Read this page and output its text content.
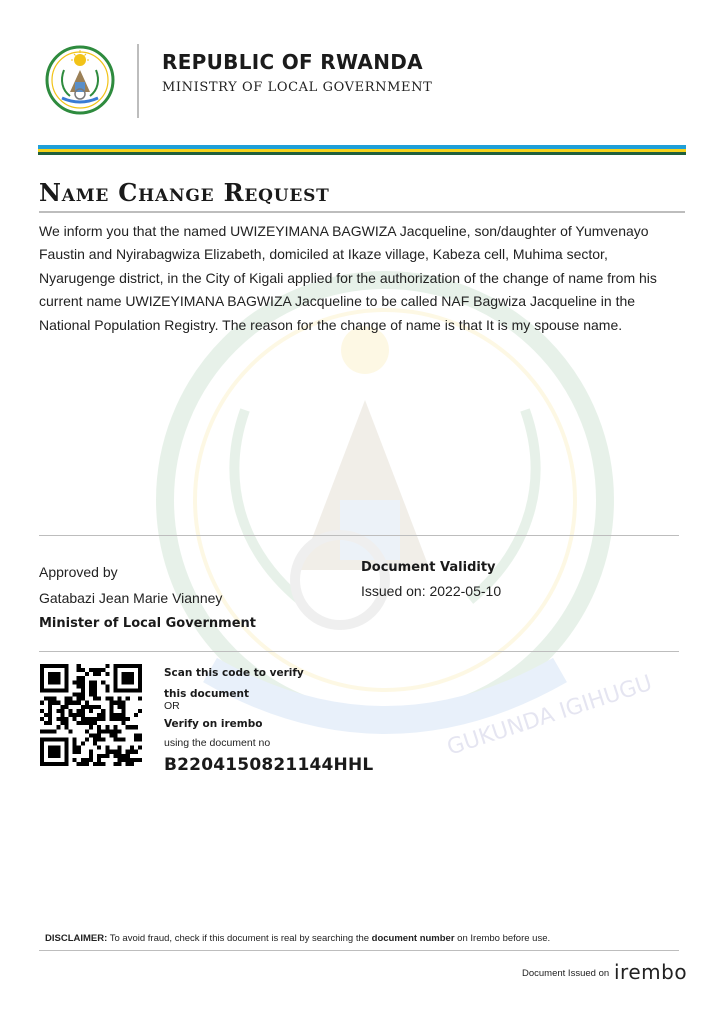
REPUBLIC OF RWANDA
MINISTRY OF LOCAL GOVERNMENT
GUKUNDA IGIHUGU
Name Change Request
We inform you that the named UWIZEYIMANA BAGWIZA Jacqueline, son/daughter of Yumvenayo Faustin and Nyirabagwiza Elizabeth, domiciled at Ikaze village, Kabeza cell, Muhima sector, Nyarugenge district, in the City of Kigali applied for the authorization of the change of name from his current name UWIZEYIMANA BAGWIZA Jacqueline to be called NAF Bagwiza Jacqueline in the National Population Registry. The reason for the change of name is that It is my spouse name.
Approved by
Gatabazi Jean Marie Vianney
Minister of Local Government
Document Validity
Issued on: 2022-05-10
Scan this code to verify this document
OR
Verify on irembo
using the document no
B2204150821144HHL
DISCLAIMER: To avoid fraud, check if this document is real by searching the document number on Irembo before use.
Document Issued on irembo
